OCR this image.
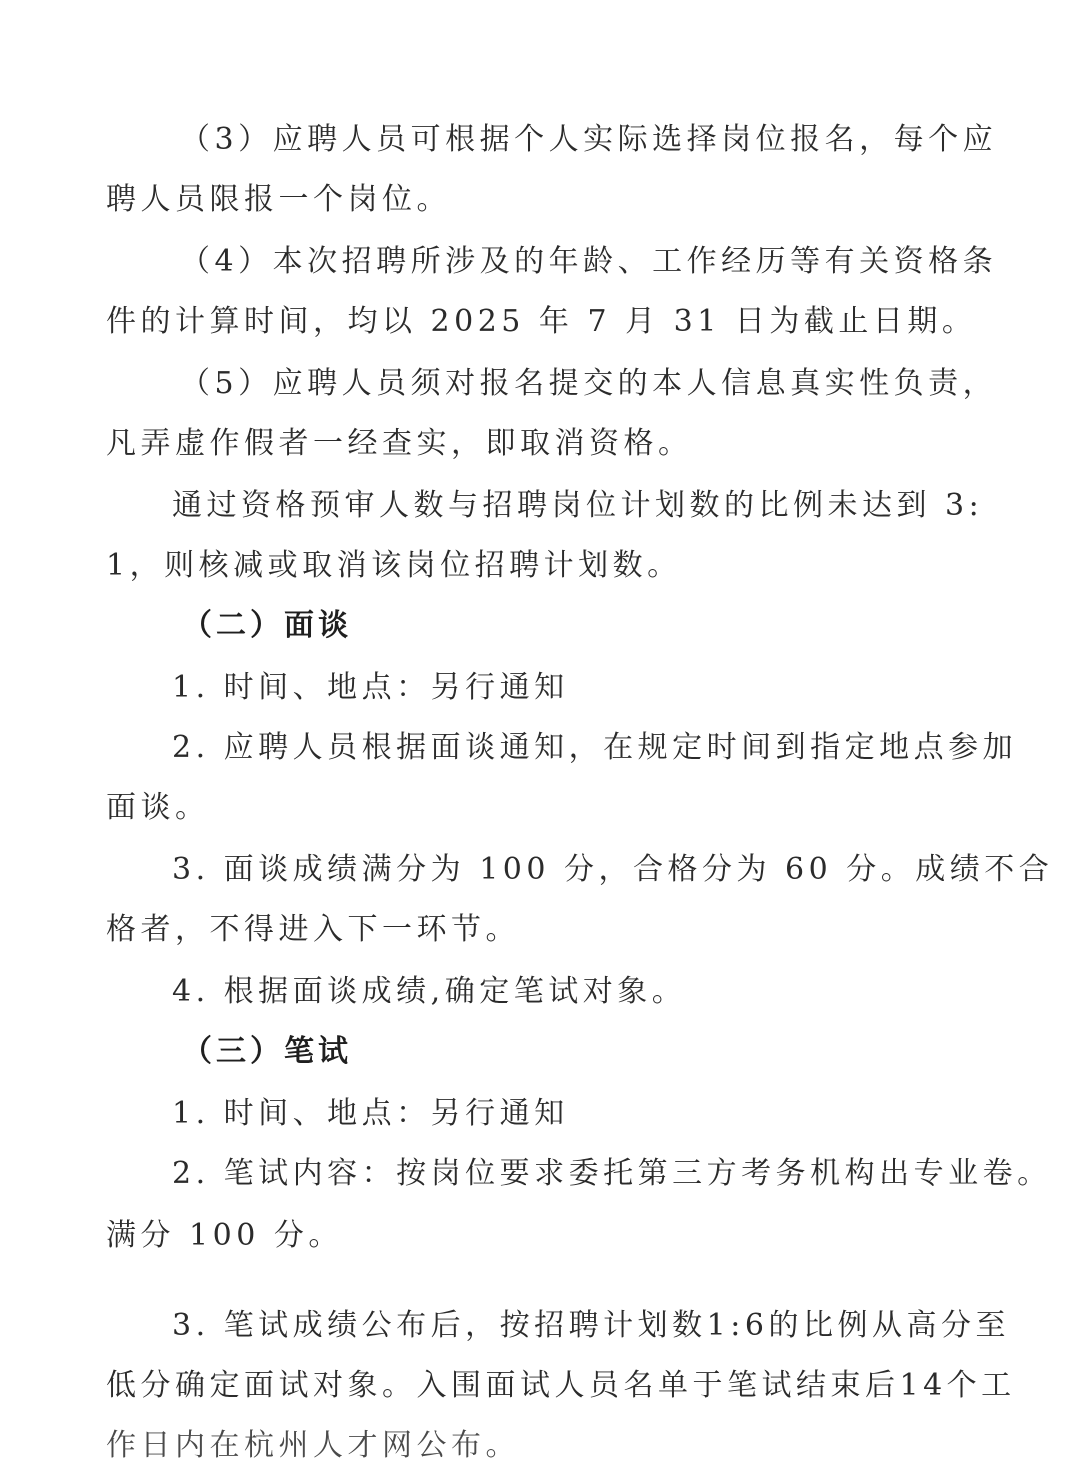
（3）应聘人员可根据个人实际选择岗位报名，每个应
聘人员限报一个岗位。
（4）本次招聘所涉及的年龄、工作经历等有关资格条
件的计算时间，均以 2025 年 7 月 31 日为截止日期。
（5）应聘人员须对报名提交的本人信息真实性负责，
凡弄虚作假者一经查实，即取消资格。
通过资格预审人数与招聘岗位计划数的比例未达到 3:
1，则核减或取消该岗位招聘计划数。
（二）面谈
1. 时间、地点：另行通知
2. 应聘人员根据面谈通知，在规定时间到指定地点参加
面谈。
3. 面谈成绩满分为 100 分，合格分为 60 分。成绩不合
格者，不得进入下一环节。
4. 根据面谈成绩,确定笔试对象。
（三）笔试
1. 时间、地点：另行通知
2. 笔试内容：按岗位要求委托第三方考务机构出专业卷。
满分 100 分。
3. 笔试成绩公布后，按招聘计划数1:6的比例从高分至
低分确定面试对象。入围面试人员名单于笔试结束后14个工
作日内在杭州人才网公布。
